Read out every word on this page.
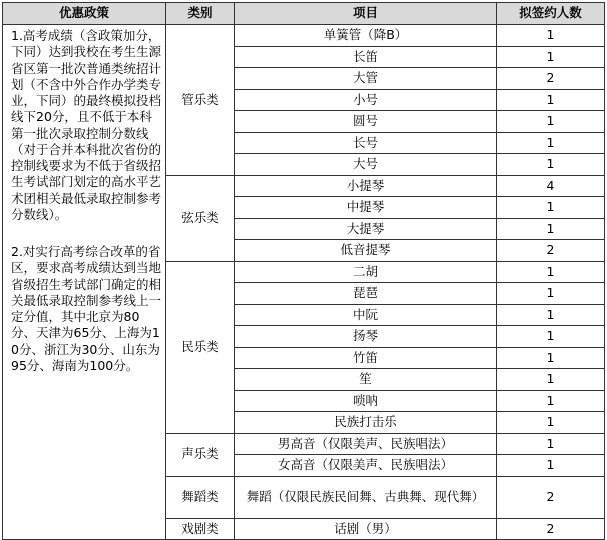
优惠政策	类别	项目	拟签约人数

1.高考成绩（含政策加分，下同）达到我校在考生生源省区第一批次普通类统招计划（不含中外合作办学类专业，下同）的最终模拟投档线下20分，且不低于本科第一批次录取控制分数线（对于合并本科批次省份的控制线要求为不低于省级招生考试部门划定的高水平艺术团相关最低录取控制参考分数线）。

2.对实行高考综合改革的省区，要求高考成绩达到当地省级招生考试部门确定的相关最低录取控制参考线上一定分值，其中北京为80分、天津为65分、上海为10分、浙江为30分、山东为95分、海南为100分。	管乐类	单簧管（降B）	1
		长笛	1
		大管	2
		小号	1
		圆号	1
		长号	1
		大号	1
	弦乐类	小提琴	4
		中提琴	1
		大提琴	1
		低音提琴	2
	民乐类	二胡	1
		琵琶	1
		中阮	1
		扬琴	1
		竹笛	1
		笙	1
		唢呐	1
		民族打击乐	1
	声乐类	男高音（仅限美声、民族唱法）	1
		女高音（仅限美声、民族唱法）	1
	舞蹈类	舞蹈（仅限民族民间舞、古典舞、现代舞）	2
	戏剧类	话剧（男）	2
